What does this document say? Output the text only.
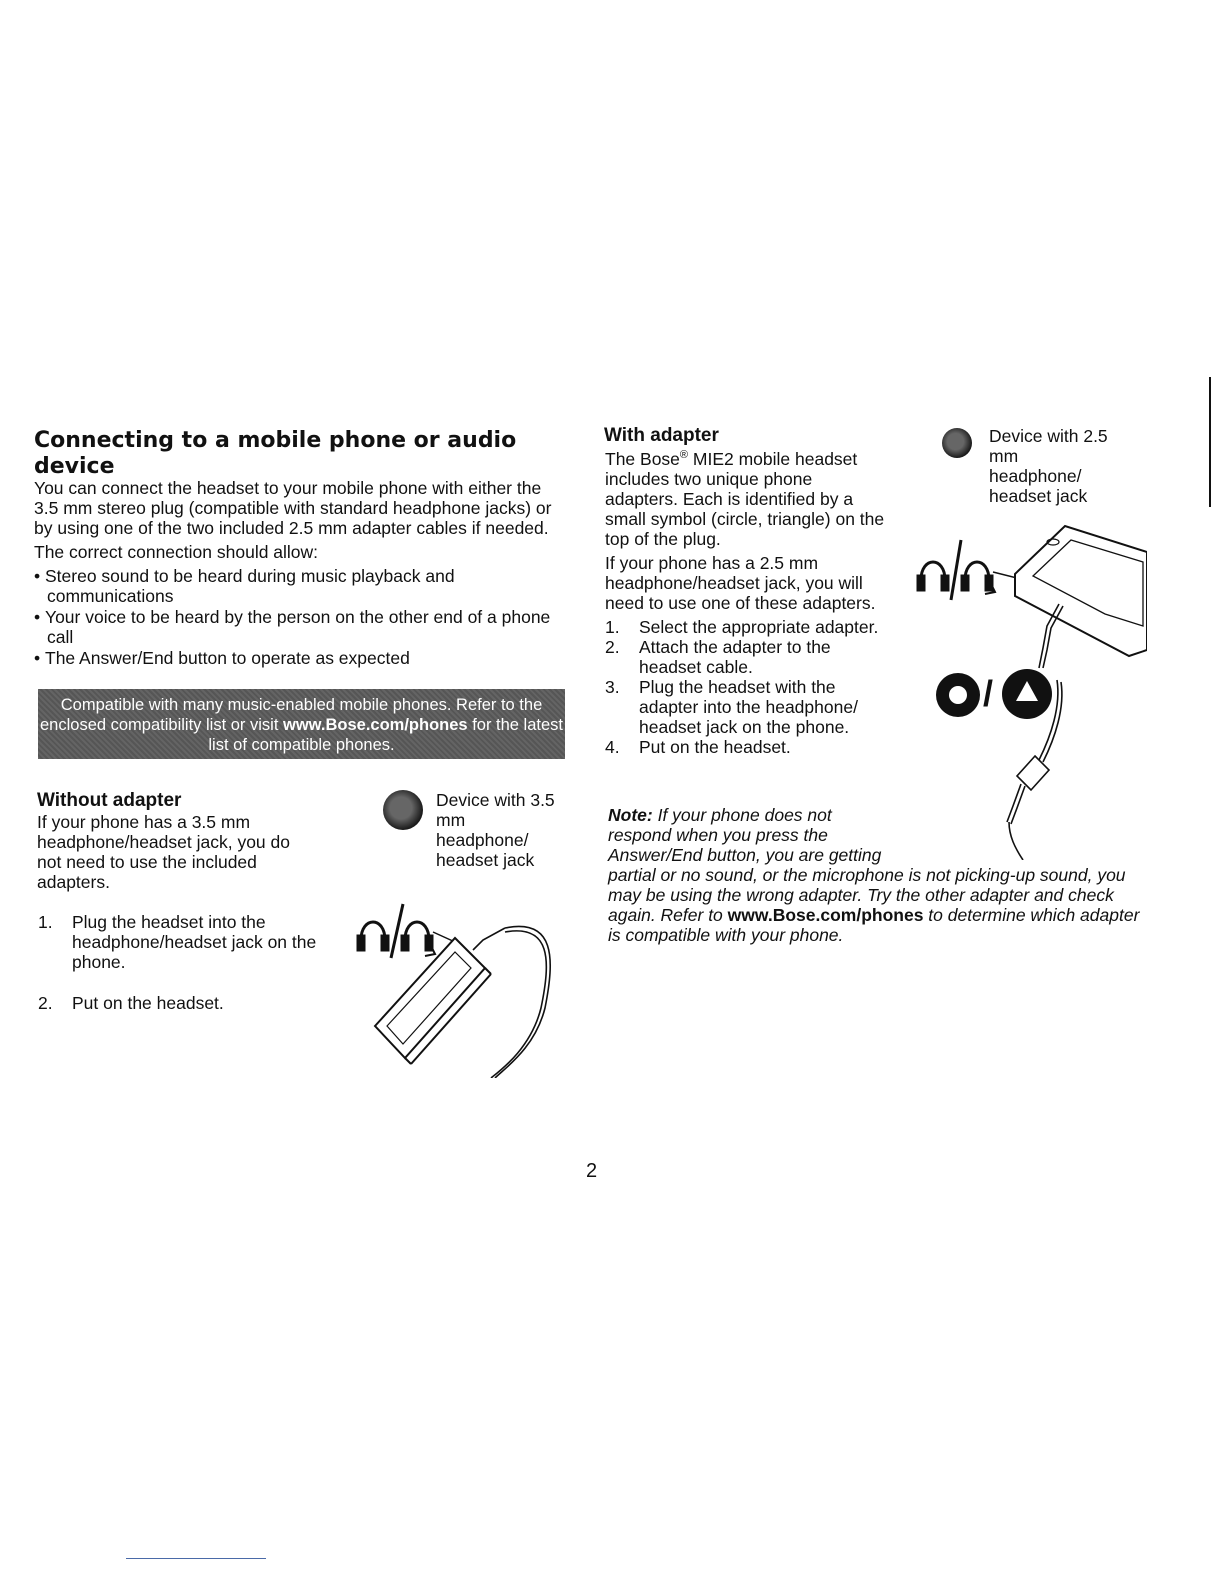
Connecting to a mobile phone or audio device

You can connect the headset to your mobile phone with either the 3.5 mm stereo plug (compatible with standard headphone jacks) or by using one of the two included 2.5 mm adapter cables if needed.

The correct connection should allow:

• Stereo sound to be heard during music playback and communications
• Your voice to be heard by the person on the other end of a phone call
• The Answer/End button to operate as expected
Compatible with many music-enabled mobile phones. Refer to the enclosed compatibility list or visit www.Bose.com/phones for the latest list of compatible phones.
Without adapter
If your phone has a 3.5 mm headphone/headset jack, you do not need to use the included adapters.
Device with 3.5 mm headphone/ headset jack
1. Plug the headset into the headphone/headset jack on the phone.
2. Put on the headset.
With adapter
The Bose® MIE2 mobile headset includes two unique phone adapters. Each is identified by a small symbol (circle, triangle) on the top of the plug.
If your phone has a 2.5 mm headphone/headset jack, you will need to use one of these adapters.
1. Select the appropriate adapter.
2. Attach the adapter to the headset cable.
3. Plug the headset with the adapter into the headphone/ headset jack on the phone.
4. Put on the headset.
Device with 2.5 mm headphone/ headset jack
/
Note: If your phone does not respond when you press the Answer/End button, you are getting partial or no sound, or the microphone is not picking-up sound, you may be using the wrong adapter. Try the other adapter and check again. Refer to www.Bose.com/phones to determine which adapter is compatible with your phone.
2
